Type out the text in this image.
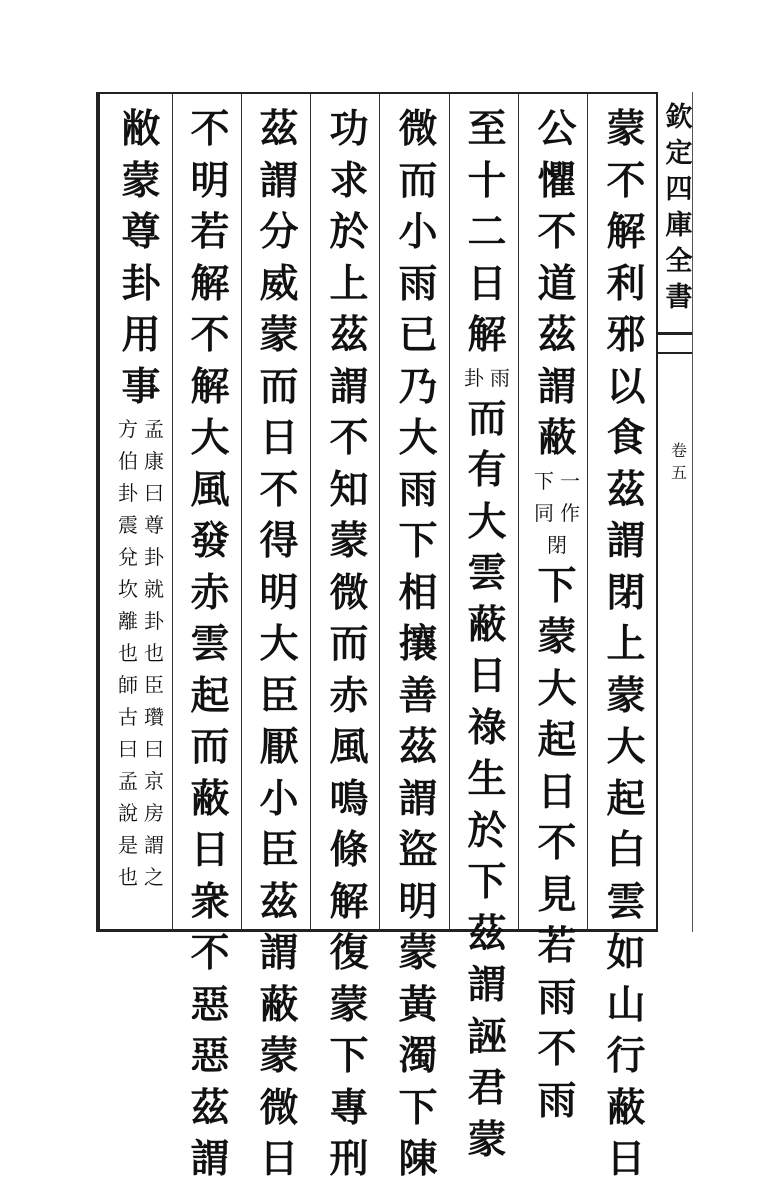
欽定四庫全書
卷五
蒙
不
解
利
邪
以
食
茲
謂
閉
上
蒙
大
起
白
雲
如
山
行
蔽
日
公
懼
不
道
茲
謂
蔽
一
作
下
同
閉
下
蒙
大
起
日
不
見
若
雨
不
雨
至
十
二
日
解
雨
卦
而
有
大
雲
蔽
日
祿
生
於
下
茲
謂
誣
君
蒙
微
而
小
雨
已
乃
大
雨
下
相
攘
善
茲
謂
盜
明
蒙
黃
濁
下
陳
功
求
於
上
茲
謂
不
知
蒙
微
而
赤
風
鳴
條
解
復
蒙
下
專
刑
茲
謂
分
威
蒙
而
日
不
得
明
大
臣
厭
小
臣
茲
謂
蔽
蒙
微
日
不
明
若
解
不
解
大
風
發
赤
雲
起
而
蔽
日
衆
不
惡
惡
茲
謂
敝
蒙
尊
卦
用
事
孟
康
曰
尊
卦
就
卦
也
臣
瓚
曰
京
房
謂
之
方
伯
卦
震
兌
坎
離
也
師
古
曰
孟
說
是
也
